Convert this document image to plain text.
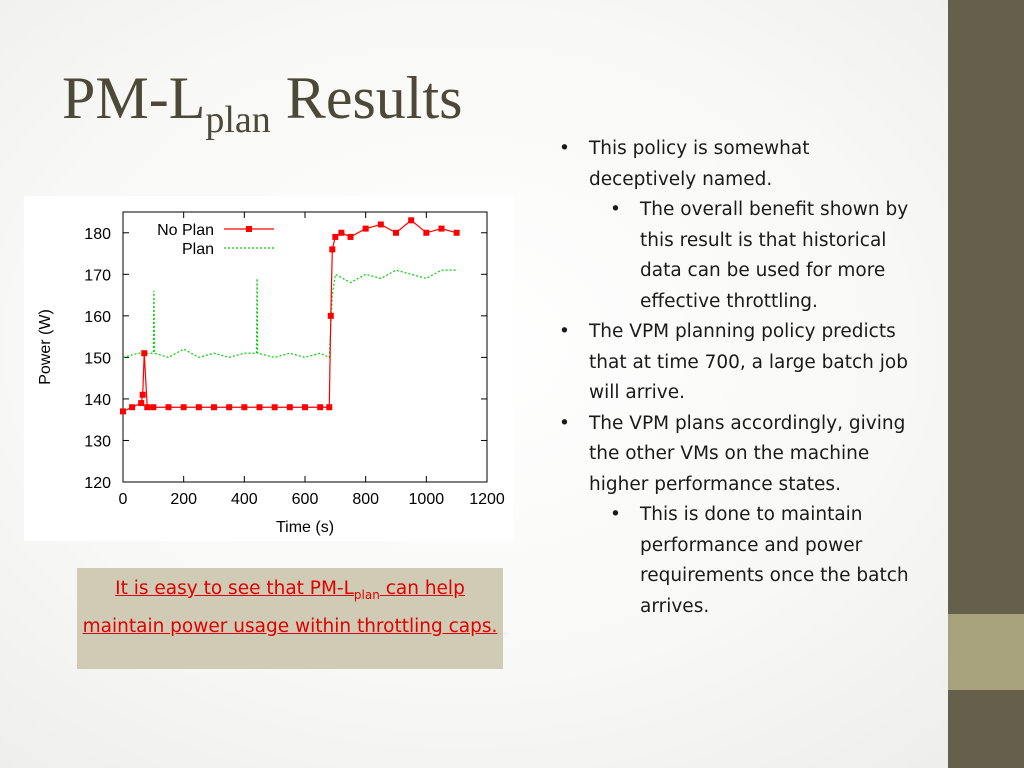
$PM-L_{plan}$ Results
0	200 400 600 800 1000 1200
120
130
140
150
160
170
180
Time (s)
Power (W)
No Plan
Plan
It is easy to see that $PM-L_{plan}$ can help maintain power usage within throttling caps.
• This policy is somewhat deceptively named.
• The overall benefit shown by this result is that historical data can be used for more effective throttling.
• The VPM planning policy predicts that at time 700, a large batch job will arrive.
• The VPM plans accordingly, giving the other VMs on the machine higher performance states.
• This is done to maintain performance and power requirements once the batch arrives.
